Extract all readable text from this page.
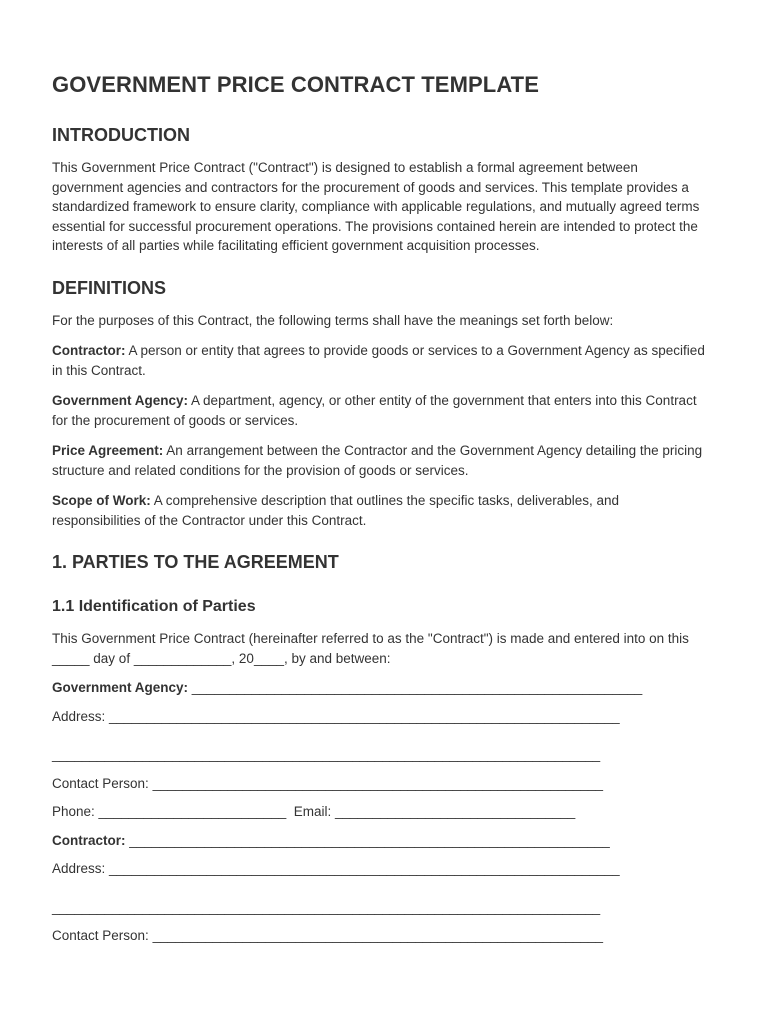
GOVERNMENT PRICE CONTRACT TEMPLATE
INTRODUCTION

This Government Price Contract ("Contract") is designed to establish a formal agreement between government agencies and contractors for the procurement of goods and services. This template provides a standardized framework to ensure clarity, compliance with applicable regulations, and mutually agreed terms essential for successful procurement operations. The provisions contained herein are intended to protect the interests of all parties while facilitating efficient government acquisition processes.

DEFINITIONS

For the purposes of this Contract, the following terms shall have the meanings set forth below:

Contractor: A person or entity that agrees to provide goods or services to a Government Agency as specified in this Contract.

Government Agency: A department, agency, or other entity of the government that enters into this Contract for the procurement of goods or services.

Price Agreement: An arrangement between the Contractor and the Government Agency detailing the pricing structure and related conditions for the provision of goods or services.

Scope of Work: A comprehensive description that outlines the specific tasks, deliverables, and responsibilities of the Contractor under this Contract.

1. PARTIES TO THE AGREEMENT
1.1 Identification of Parties

This Government Price Contract (hereinafter referred to as the "Contract") is made and entered into on this _____ day of _____________, 20____, by and between:

Government Agency: ____________________________________________________________
Address: ____________________________________________________________________
_________________________________________________________________________
Contact Person: ____________________________________________________________
Phone: _________________________ Email: ________________________________
Contractor: ________________________________________________________________
Address: ____________________________________________________________________
_________________________________________________________________________
Contact Person: ____________________________________________________________
